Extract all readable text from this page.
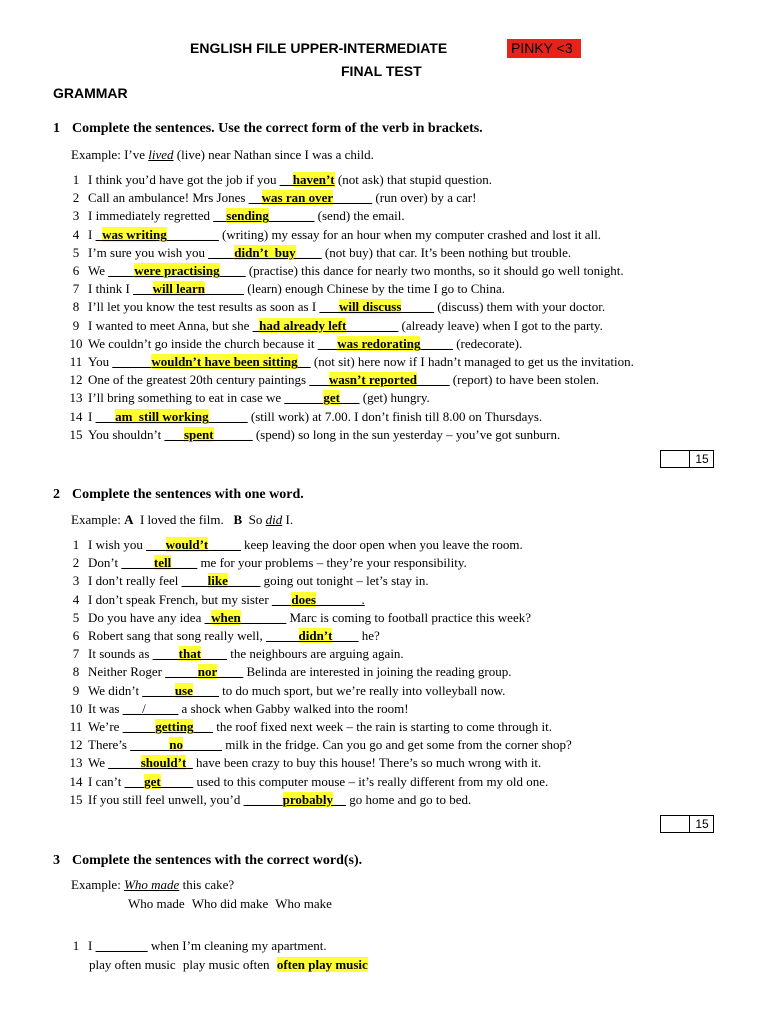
ENGLISH FILE UPPER-INTERMEDIATE	PINKY <3
FINAL TEST
GRAMMAR
1 Complete the sentences. Use the correct form of the verb in brackets.
Example: I’ve lived (live) near Nathan since I was a child.
1 I think you’d have got the job if you __haven’t (not ask) that stupid question.
2 Call an ambulance! Mrs Jones __was ran over______ (run over) by a car!
3 I immediately regretted __sending_______ (send) the email.
4 I _was writing________ (writing) my essay for an hour when my computer crashed and lost it all.
5 I’m sure you wish you ____didn’t_buy____ (not buy) that car. It’s been nothing but trouble.
6 We ____were practising____ (practise) this dance for nearly two months, so it should go well tonight.
7 I think I ___will learn______ (learn) enough Chinese by the time I go to China.
8 I’ll let you know the test results as soon as I ___will discuss_____ (discuss) them with your doctor.
9 I wanted to meet Anna, but she _had already left________ (already leave) when I got to the party.
10 We couldn’t go inside the church because it ___was redorating_____ (redecorate).
11 You ______wouldn’t have been sitting__ (not sit) here now if I hadn’t managed to get us the invitation.
12 One of the greatest 20th century paintings ___wasn’t reported_____ (report) to have been stolen.
13 I’ll bring something to eat in case we ______get___ (get) hungry.
14 I ___am_still working______ (still work) at 7.00. I don’t finish till 8.00 on Thursdays.
15 You shouldn’t ___spent______ (spend) so long in the sun yesterday – you’ve got sunburn.
15
2 Complete the sentences with one word.
Example: A  I loved the film.   B  So did I.
1 I wish you ___would’t_____ keep leaving the door open when you leave the room.
2 Don’t _____tell____ me for your problems – they’re your responsibility.
3 I don’t really feel ____like_____ going out tonight – let’s stay in.
4 I don’t speak French, but my sister ___does_______.
5 Do you have any idea _when_______ Marc is coming to football practice this week?
6 Robert sang that song really well, _____didn’t____ he?
7 It sounds as ____that____ the neighbours are arguing again.
8 Neither Roger _____nor____ Belinda are interested in joining the reading group.
9 We didn’t _____use____ to do much sport, but we’re really into volleyball now.
10 It was ___/_____ a shock when Gabby walked into the room!
11 We’re _____getting___ the roof fixed next week – the rain is starting to come through it.
12 There’s ______no______ milk in the fridge. Can you go and get some from the corner shop?
13 We _____should’t_ have been crazy to buy this house! There’s so much wrong with it.
14 I can’t ___get_____ used to this computer mouse – it’s really different from my old one.
15 If you still feel unwell, you’d ______probably__ go home and go to bed.
15
3 Complete the sentences with the correct word(s).
Example: Who made this cake?
Who made Who did make Who make
1 I ________ when I’m cleaning my apartment.
play often music play music often often play music
